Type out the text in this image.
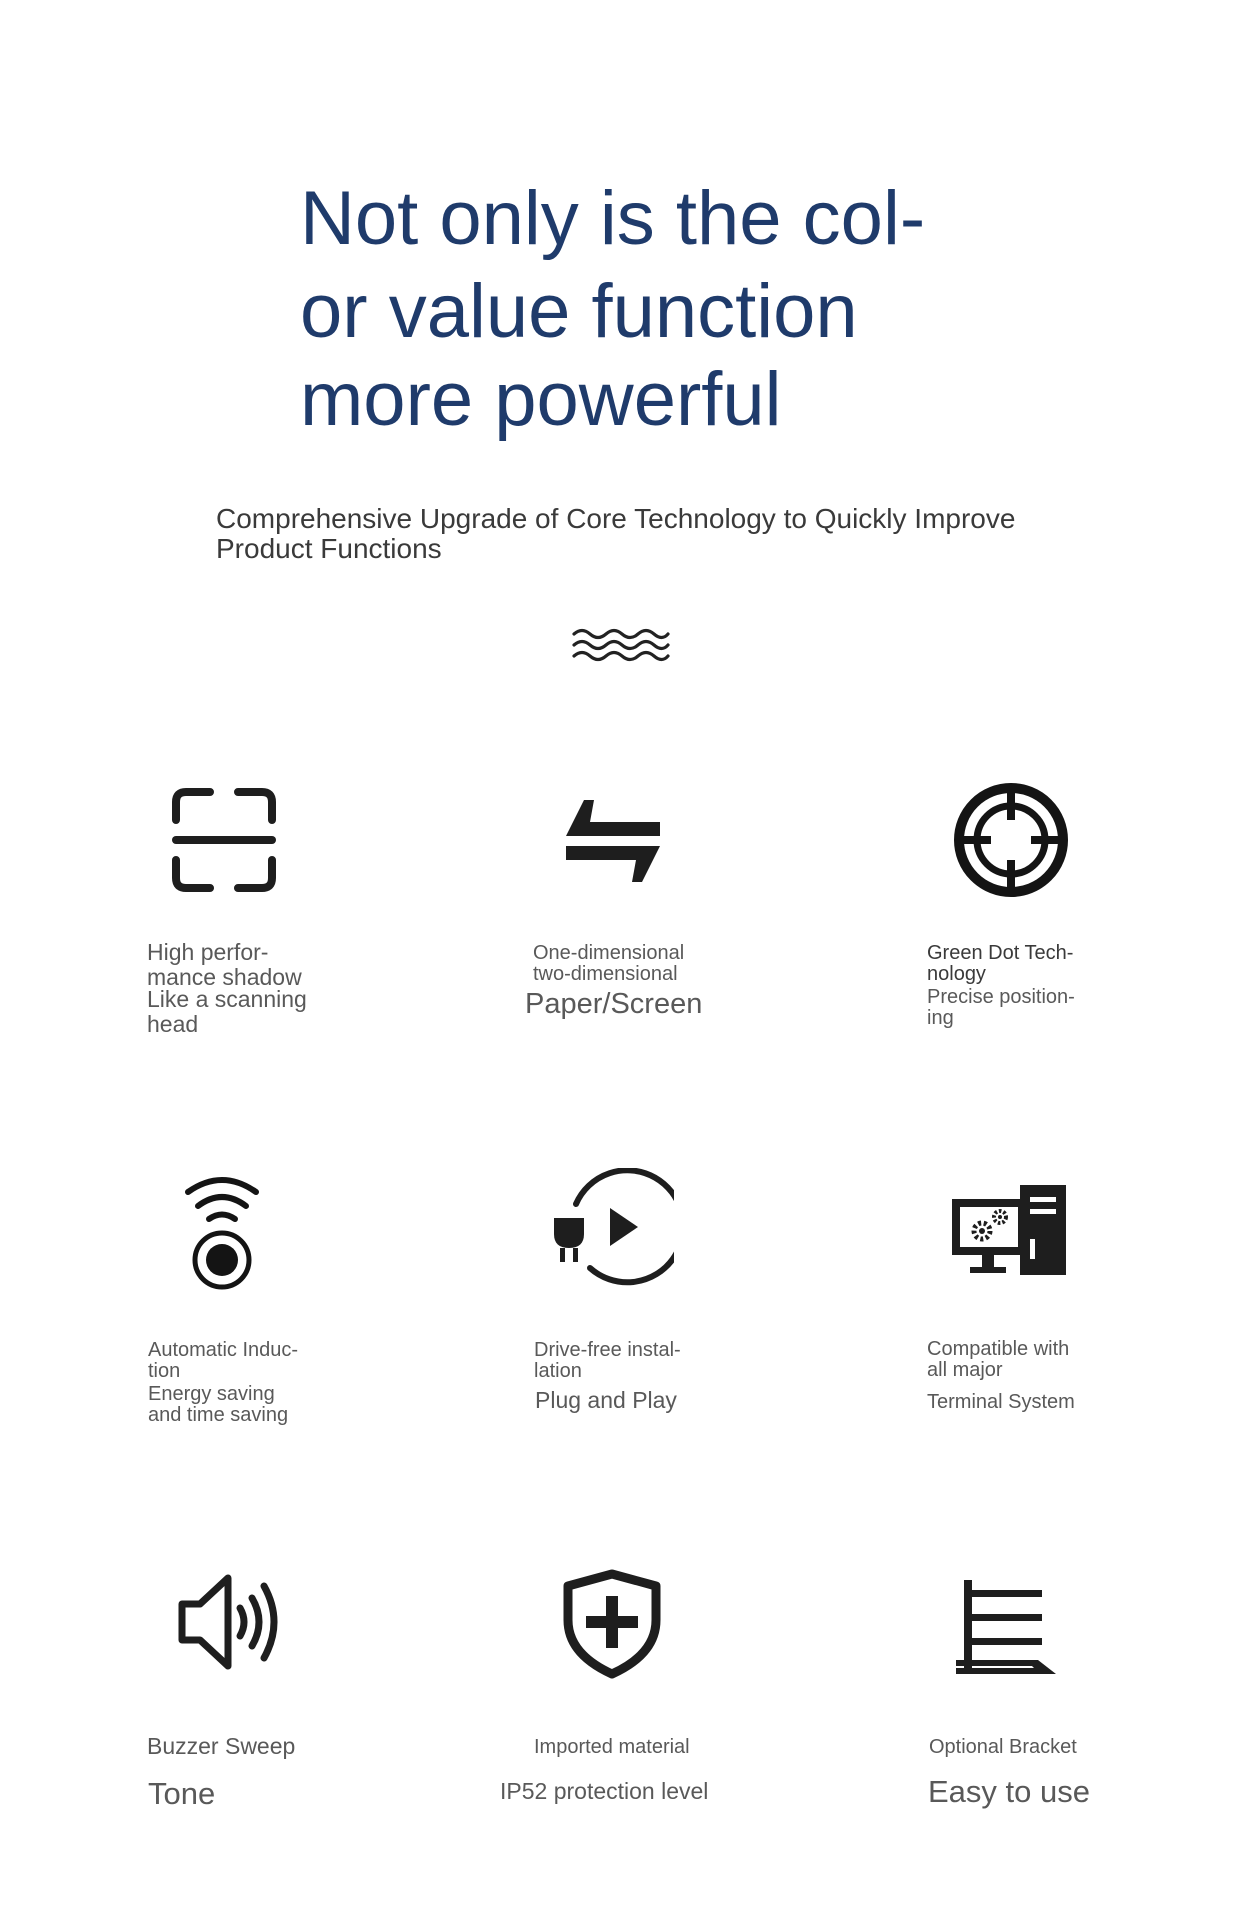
Not only is the col-
or value function
more powerful

Comprehensive Upgrade of Core Technology to Quickly Improve
Product Functions

High perfor-
mance shadow

Like a scanning
head

One-dimensional
two-dimensional

Paper/Screen

Green Dot Tech-
nology

Precise position-
ing

Automatic Induc-
tion

Energy saving
and time saving

Drive-free instal-
lation

Plug and Play

Compatible with
all major

Terminal System

Buzzer Sweep

Tone

Imported material

IP52 protection level

Optional Bracket

Easy to use
